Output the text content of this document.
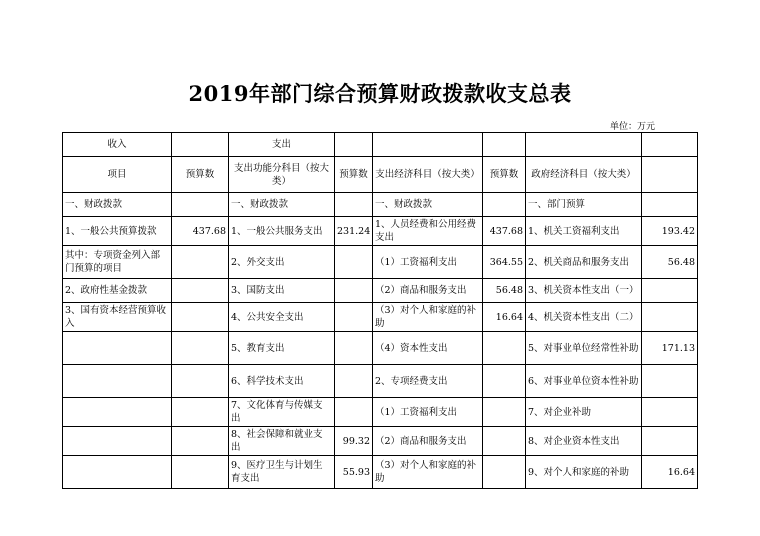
2019年部门综合预算财政拨款收支总表
单位：万元
收入		支出					
项目	预算数	支出功能分科目（按大类）	预算数	支出经济科目（按大类）	预算数	政府经济科目（按大类）	
一、财政拨款		一、财政拨款		一、财政拨款		一、部门预算	
1、一般公共预算拨款	437.68	1、一般公共服务支出	231.24	1、人员经费和公用经费支出	437.68	1、机关工资福利支出	193.42
其中：专项资金列入部门预算的项目		2、外交支出		（1）工资福利支出	364.55	2、机关商品和服务支出	56.48
2、政府性基金拨款		3、国防支出		（2）商品和服务支出	56.48	3、机关资本性支出（一）	
3、国有资本经营预算收入		4、公共安全支出		（3）对个人和家庭的补助	16.64	4、机关资本性支出（二）	
		5、教育支出		（4）资本性支出		5、对事业单位经常性补助	171.13
		6、科学技术支出		2、专项经费支出		6、对事业单位资本性补助	
		7、文化体育与传媒支出		（1）工资福利支出		7、对企业补助	
		8、社会保障和就业支出	99.32	（2）商品和服务支出		8、对企业资本性支出	
		9、医疗卫生与计划生育支出	55.93	（3）对个人和家庭的补助		9、对个人和家庭的补助	16.64
